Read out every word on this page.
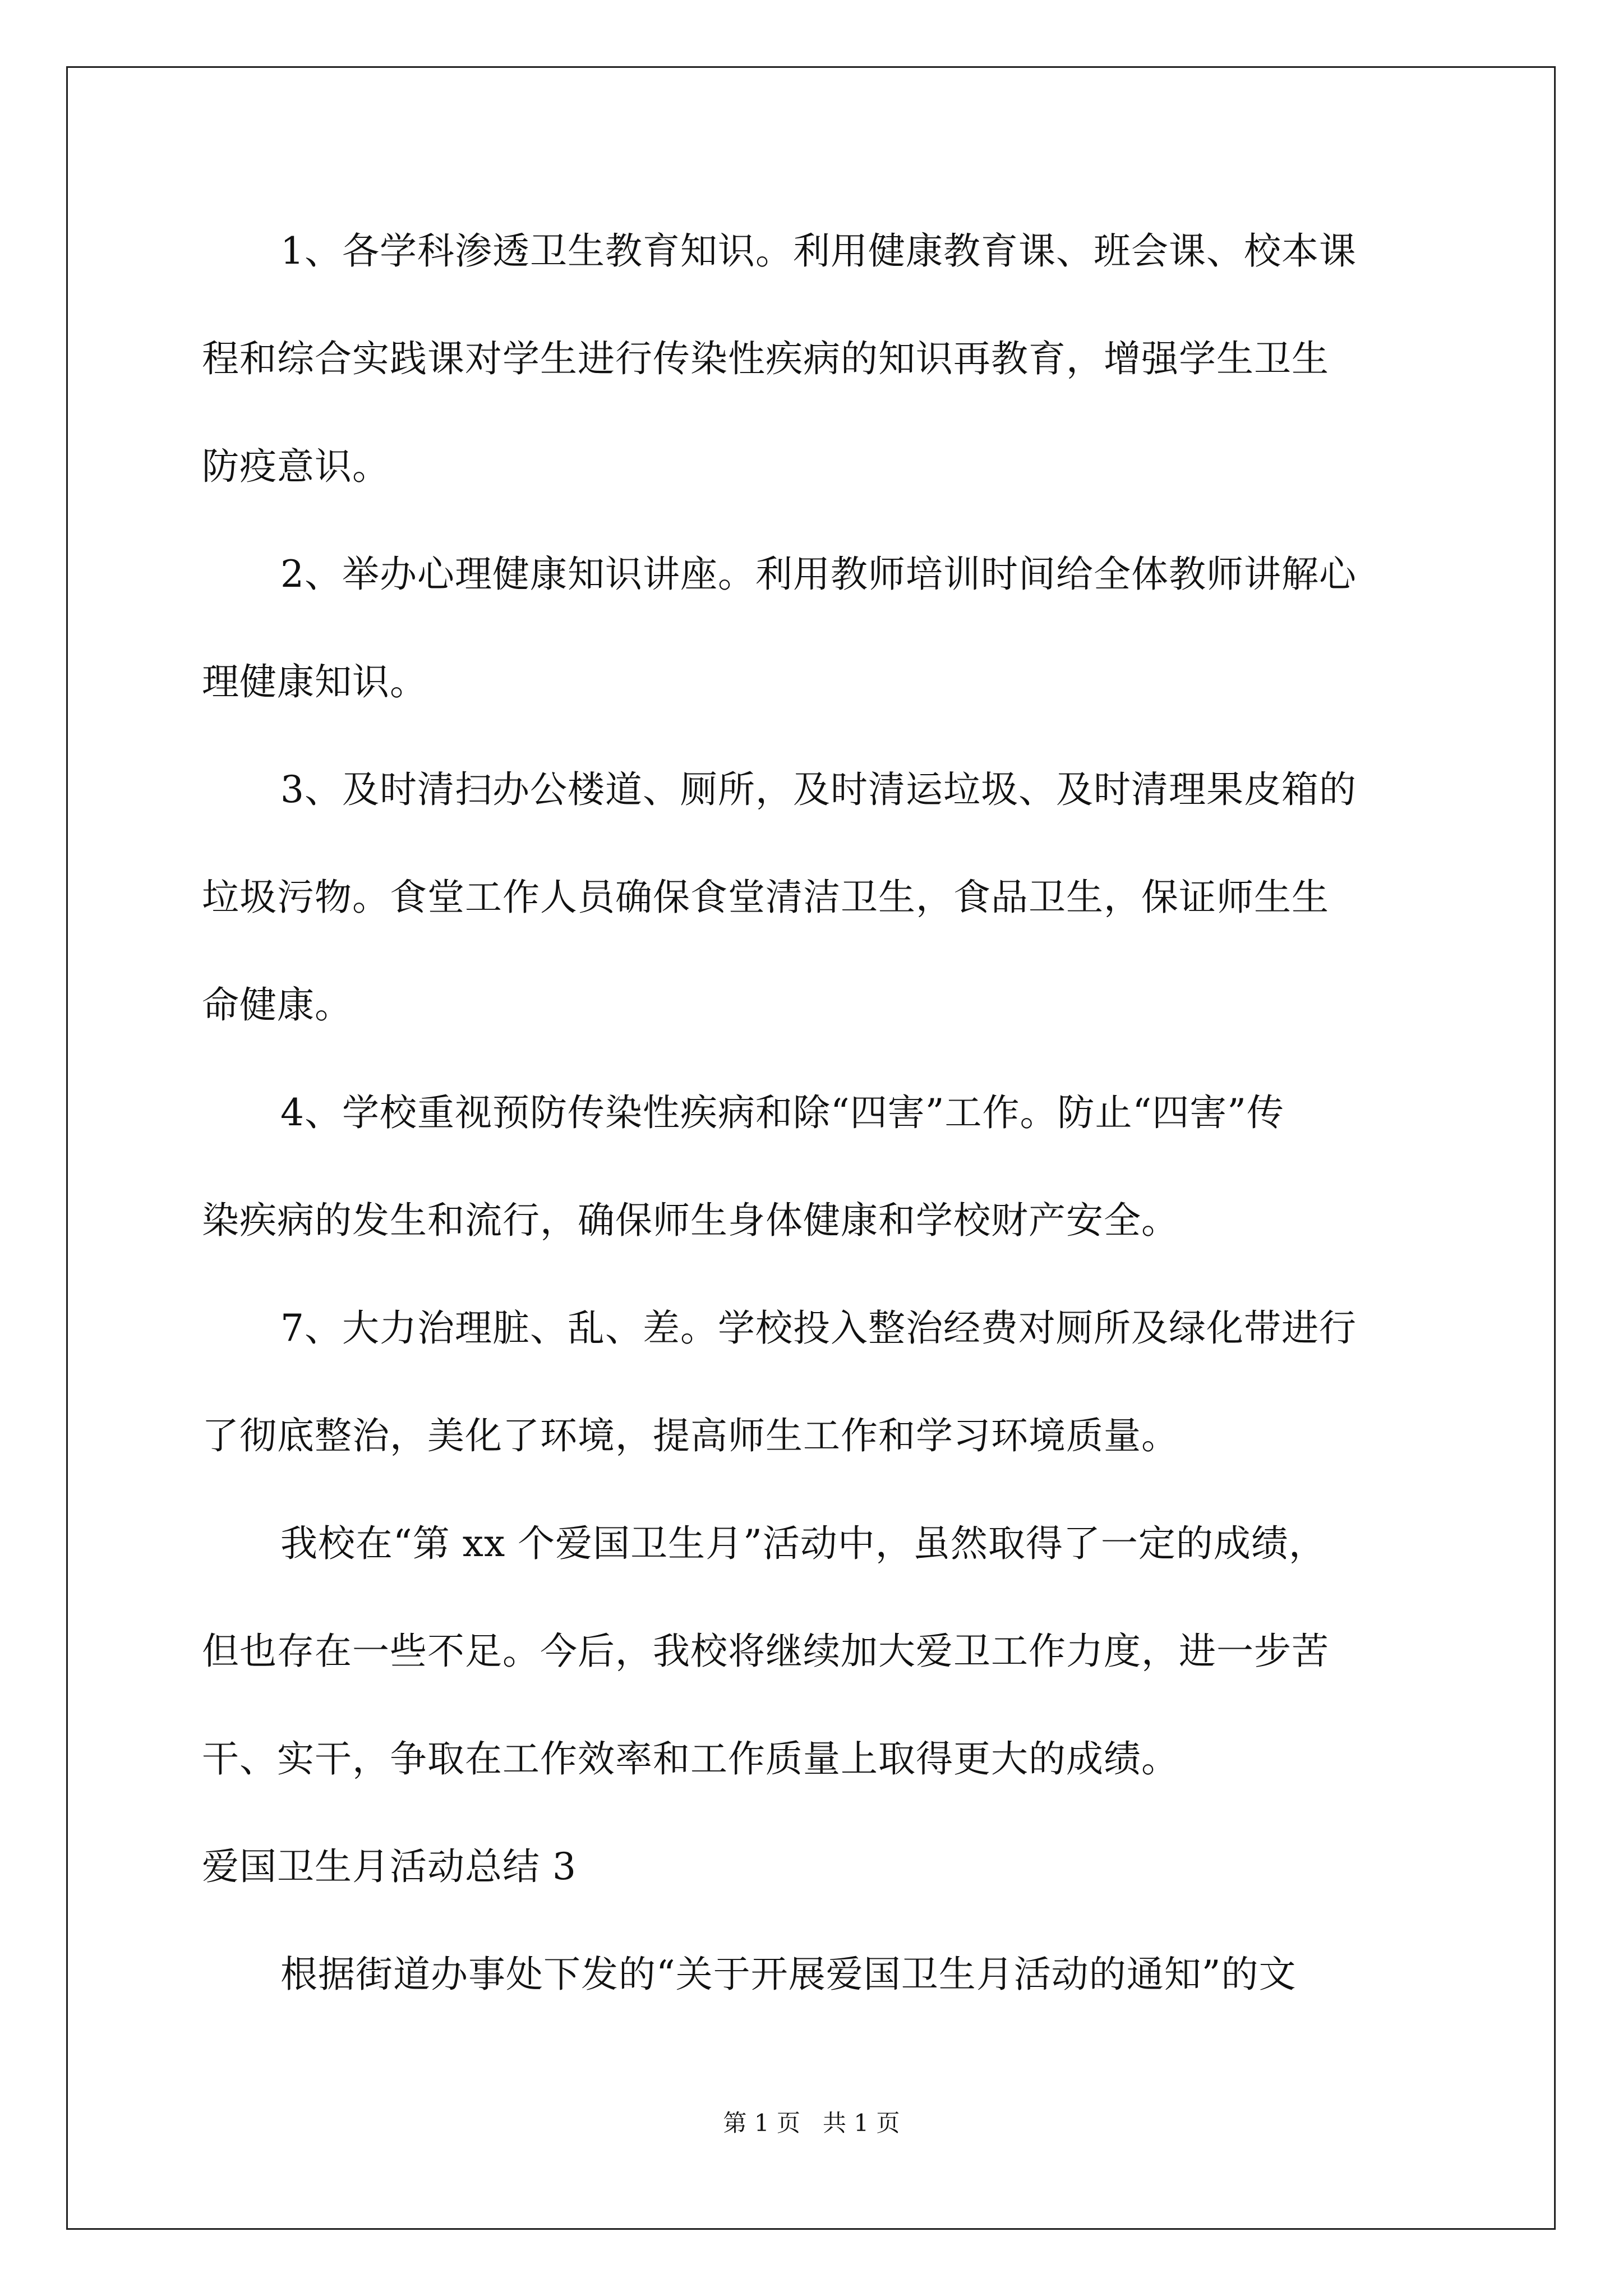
1、各学科渗透卫生教育知识。利用健康教育课、班会课、校本课
程和综合实践课对学生进行传染性疾病的知识再教育，增强学生卫生
防疫意识。
2、举办心理健康知识讲座。利用教师培训时间给全体教师讲解心
理健康知识。
3、及时清扫办公楼道、厕所，及时清运垃圾、及时清理果皮箱的
垃圾污物。食堂工作人员确保食堂清洁卫生，食品卫生，保证师生生
命健康。
4、学校重视预防传染性疾病和除“四害”工作。防止“四害”传
染疾病的发生和流行，确保师生身体健康和学校财产安全。
7、大力治理脏、乱、差。学校投入整治经费对厕所及绿化带进行
了彻底整治，美化了环境，提高师生工作和学习环境质量。
我校在“第 xx 个爱国卫生月”活动中，虽然取得了一定的成绩，
但也存在一些不足。今后，我校将继续加大爱卫工作力度，进一步苦
干、实干，争取在工作效率和工作质量上取得更大的成绩。
爱国卫生月活动总结 3
根据街道办事处下发的“关于开展爱国卫生月活动的通知”的文
第 1 页   共 1 页
